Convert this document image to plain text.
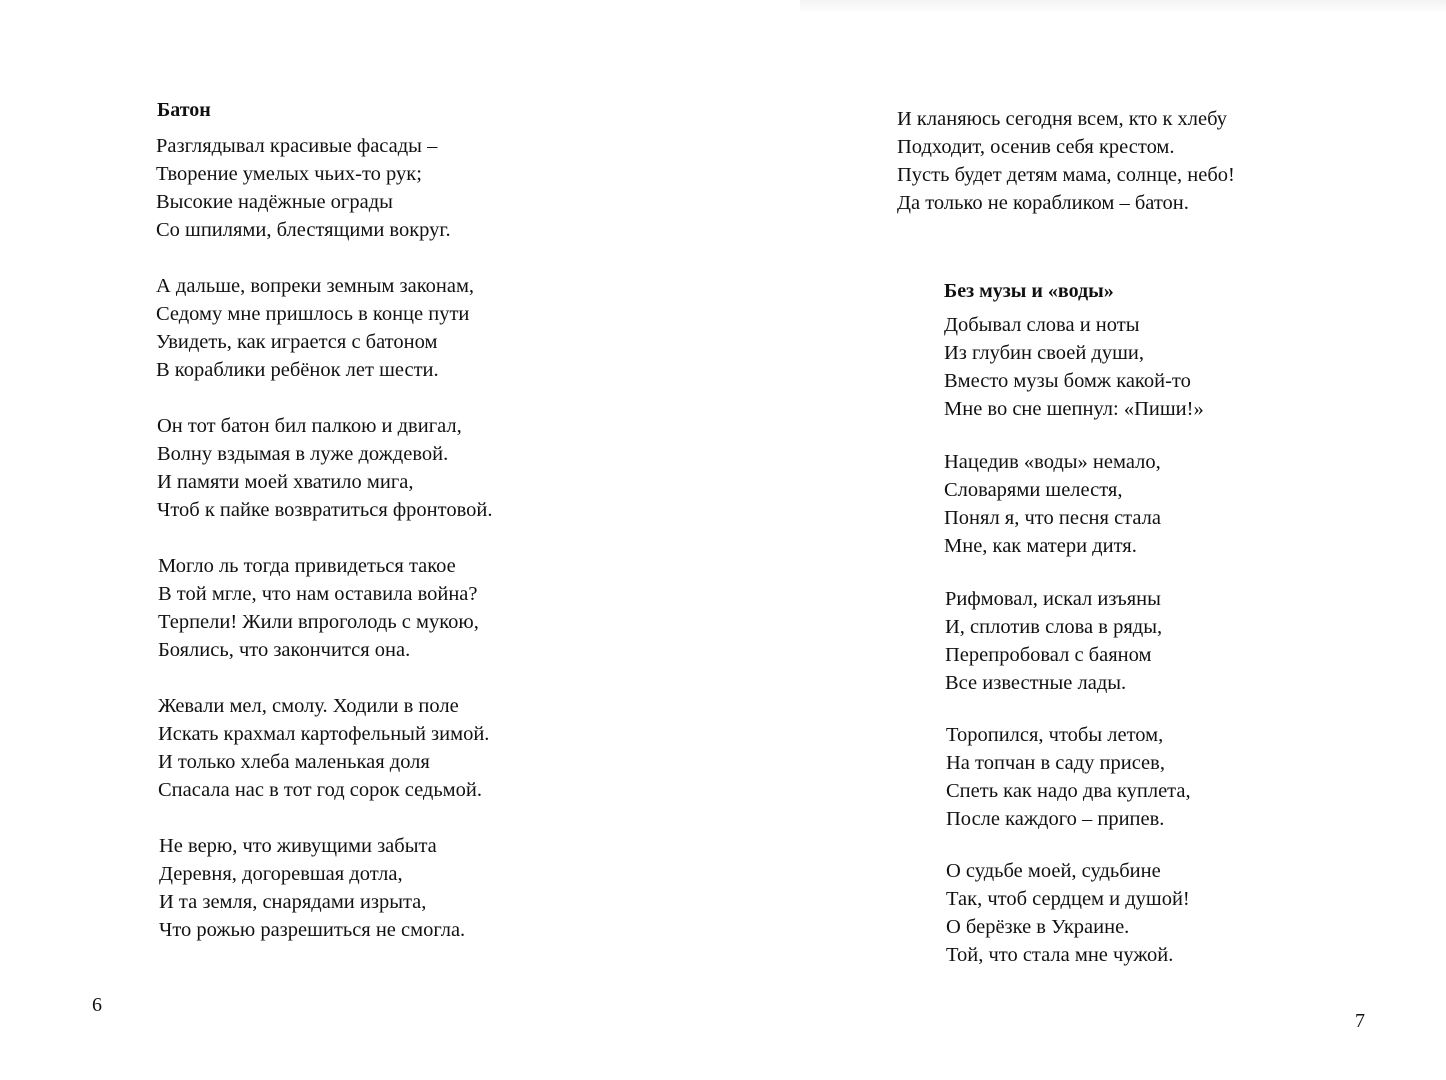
Батон
Разглядывал красивые фасады –
Творение умелых чьих-то рук;
Высокие надёжные ограды
Со шпилями, блестящими вокруг.
А дальше, вопреки земным законам,
Седому мне пришлось в конце пути
Увидеть, как играется с батоном
В кораблики ребёнок лет шести.
Он тот батон бил палкою и двигал,
Волну вздымая в луже дождевой.
И памяти моей хватило мига,
Чтоб к пайке возвратиться фронтовой.
Могло ль тогда привидеться такое
В той мгле, что нам оставила война?
Терпели! Жили впроголодь с мукою,
Боялись, что закончится она.
Жевали мел, смолу. Ходили в поле
Искать крахмал картофельный зимой.
И только хлеба маленькая доля
Спасала нас в тот год сорок седьмой.
Не верю, что живущими забыта
Деревня, догоревшая дотла,
И та земля, снарядами изрыта,
Что рожью разрешиться не смогла.
6
И кланяюсь сегодня всем, кто к хлебу
Подходит, осенив себя крестом.
Пусть будет детям мама, солнце, небо!
Да только не корабликом – батон.
Без музы и «воды»
Добывал слова и ноты
Из глубин своей души,
Вместо музы бомж какой-то
Мне во сне шепнул: «Пиши!»
Нацедив «воды» немало,
Словарями шелестя,
Понял я, что песня стала
Мне, как матери дитя.
Рифмовал, искал изъяны
И, сплотив слова в ряды,
Перепробовал с баяном
Все известные лады.
Торопился, чтобы летом,
На топчан в саду присев,
Спеть как надо два куплета,
После каждого – припев.
О судьбе моей, судьбине
Так, чтоб сердцем и душой!
О берёзке в Украине.
Той, что стала мне чужой.
7
